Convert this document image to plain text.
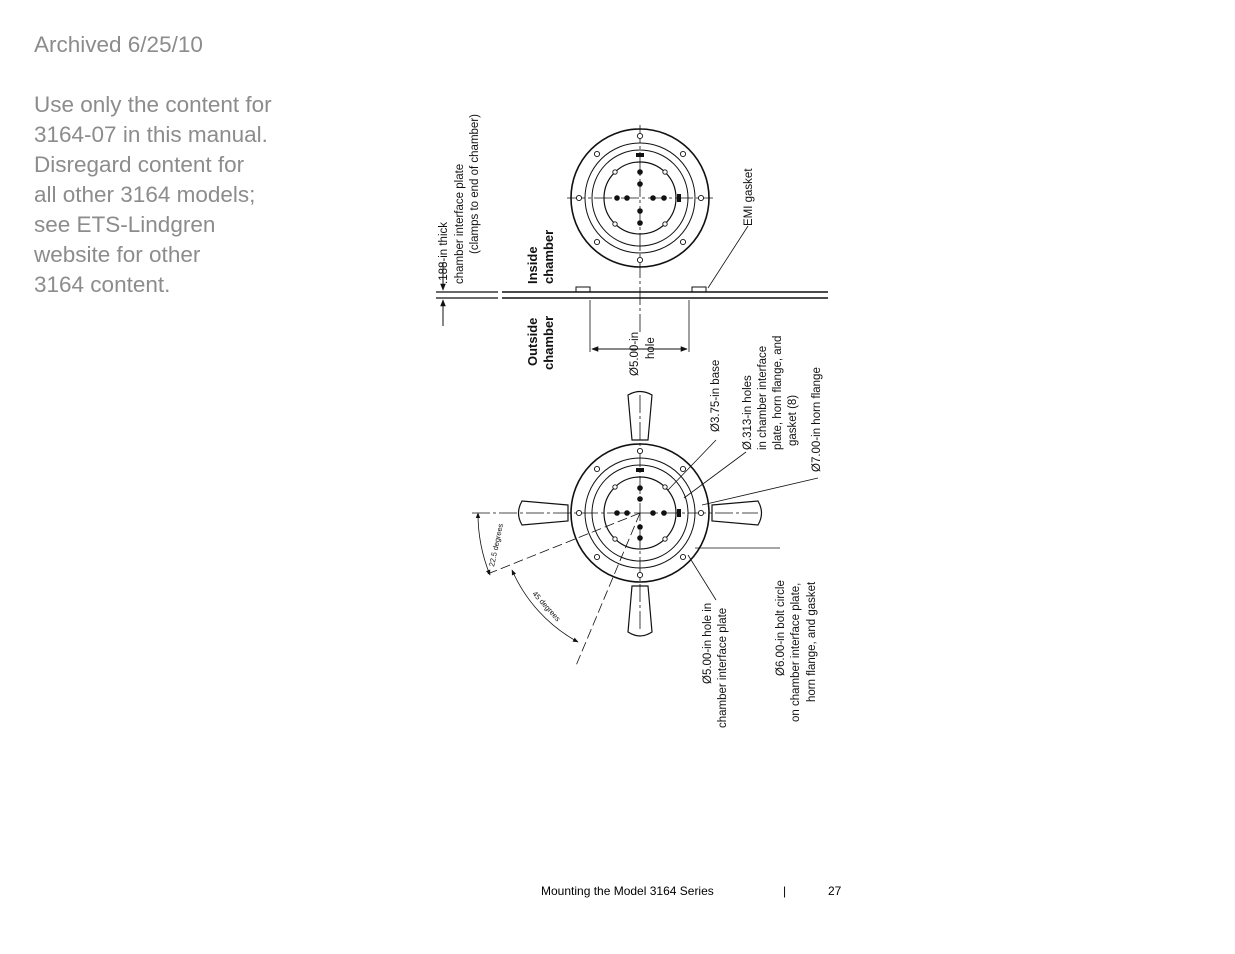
Archived 6/25/10
Use only the content for
3164-07 in this manual.
Disregard content for
all other 3164 models;
see ETS-Lindgren
website for other
3164 content.
.188-in thick chamber interface plate (clamps to end of chamber)
Inside chamber
Outside chamber
EMI gasket
Ø5.00-in hole
Ø3.75-in base Ø.313-in holes in chamber interface plate, horn flange, and gasket (8) Ø7.00-in horn flange
Ø6.00-in bolt circle on chamber interface plate, horn flange, and gasket
Ø5.00-in hole in chamber interface plate
22.5 degrees
45 degrees
Mounting the Model 3164 Series	|	27
